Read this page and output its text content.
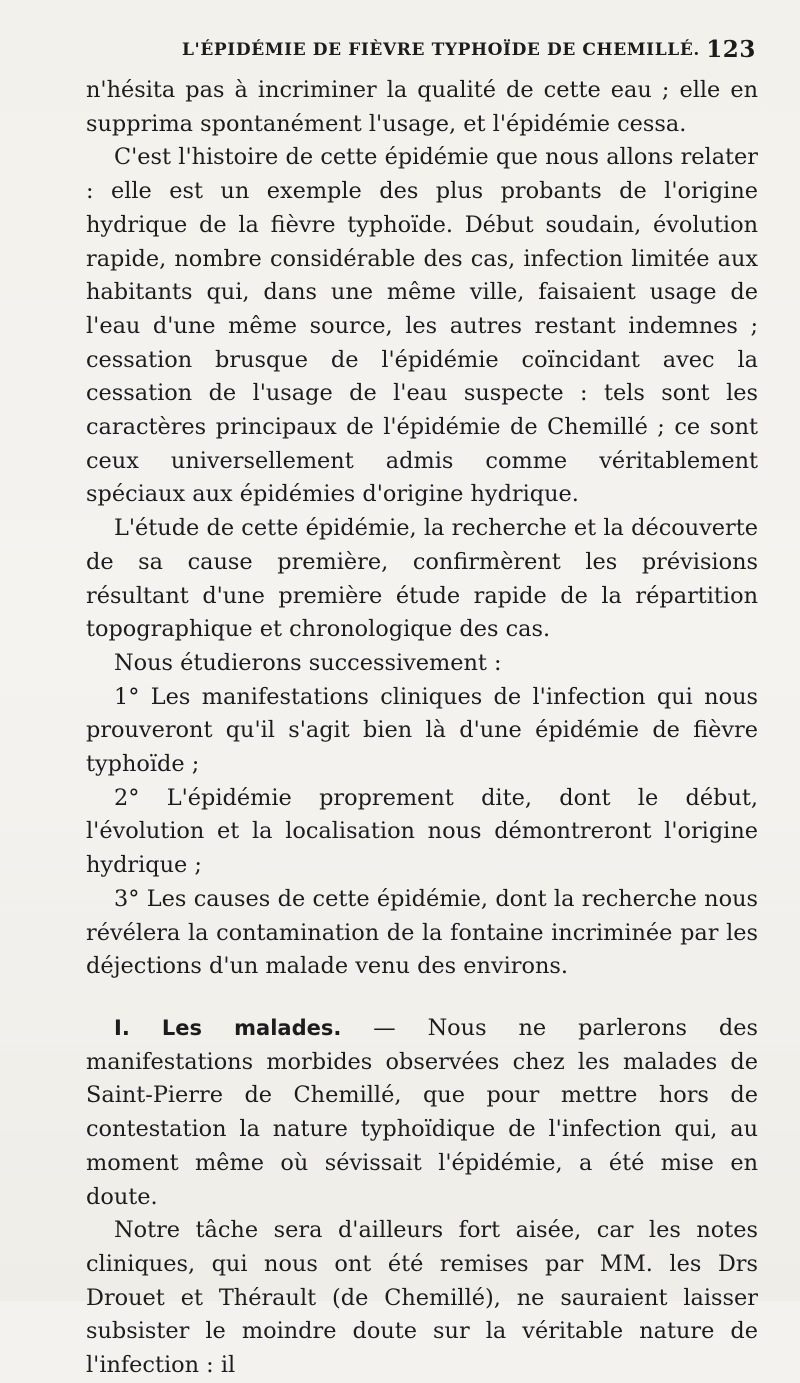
L'ÉPIDÉMIE DE FIÈVRE TYPHOÏDE DE CHEMILLÉ. 123

n'hésita pas à incriminer la qualité de cette eau ; elle en supprima spontanément l'usage, et l'épidémie cessa.

C'est l'histoire de cette épidémie que nous allons relater : elle est un exemple des plus probants de l'origine hydrique de la fièvre typhoïde. Début soudain, évolution rapide, nombre considérable des cas, infection limitée aux habitants qui, dans une même ville, faisaient usage de l'eau d'une même source, les autres restant indemnes ; cessation brusque de l'épidémie coïncidant avec la cessation de l'usage de l'eau suspecte : tels sont les caractères principaux de l'épidémie de Chemillé ; ce sont ceux universellement admis comme véritablement spéciaux aux épidémies d'origine hydrique.

L'étude de cette épidémie, la recherche et la découverte de sa cause première, confirmèrent les prévisions résultant d'une première étude rapide de la répartition topographique et chronologique des cas.

Nous étudierons successivement :

1° Les manifestations cliniques de l'infection qui nous prouveront qu'il s'agit bien là d'une épidémie de fièvre typhoïde ;

2° L'épidémie proprement dite, dont le début, l'évolution et la localisation nous démontreront l'origine hydrique ;

3° Les causes de cette épidémie, dont la recherche nous révélera la contamination de la fontaine incriminée par les déjections d'un malade venu des environs.

I. Les malades. — Nous ne parlerons des manifestations morbides observées chez les malades de Saint-Pierre de Chemillé, que pour mettre hors de contestation la nature typhoïdique de l'infection qui, au moment même où sévissait l'épidémie, a été mise en doute.

Notre tâche sera d'ailleurs fort aisée, car les notes cliniques, qui nous ont été remises par MM. les Drs Drouet et Thérault (de Chemillé), ne sauraient laisser subsister le moindre doute sur la véritable nature de l'infection : il
